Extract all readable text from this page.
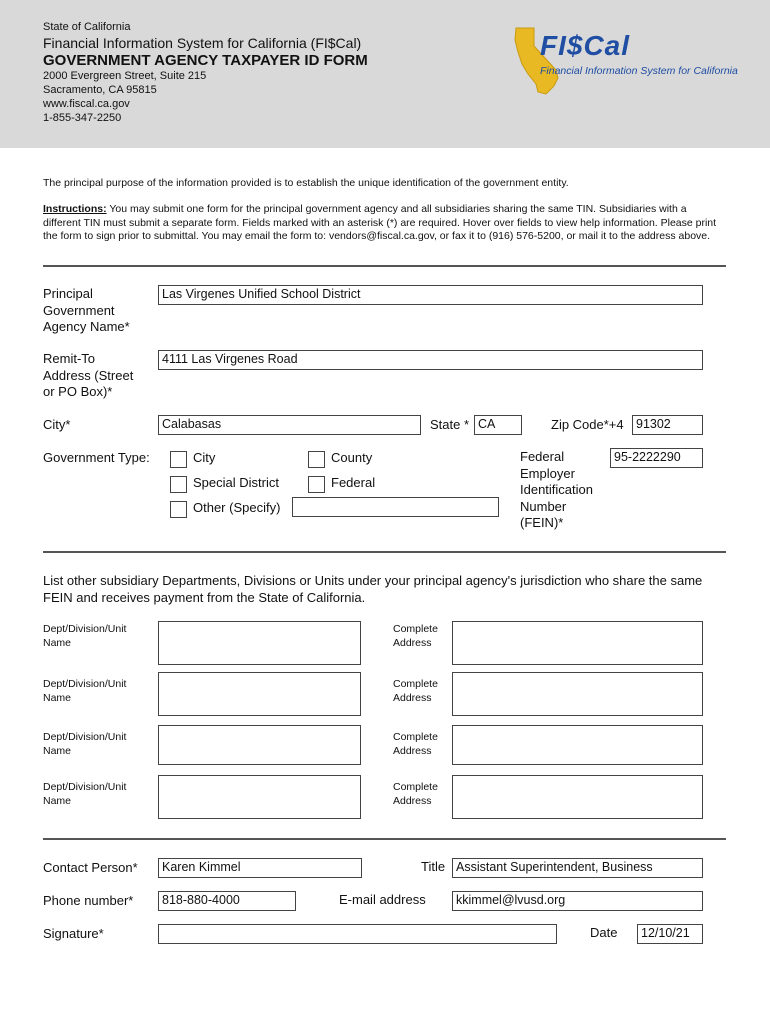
State of California
Financial Information System for California (FI$Cal)
GOVERNMENT AGENCY TAXPAYER ID FORM
2000 Evergreen Street, Suite 215
Sacramento, CA 95815
www.fiscal.ca.gov
1-855-347-2250
FI$Cal
Financial Information System for California
The principal purpose of the information provided is to establish the unique identification of the government entity.
Instructions: You may submit one form for the principal government agency and all subsidiaries sharing the same TIN. Subsidiaries with a different TIN must submit a separate form. Fields marked with an asterisk (*) are required. Hover over fields to view help information. Please print the form to sign prior to submittal. You may email the form to: vendors@fiscal.ca.gov, or fax it to (916) 576-5200, or mail it to the address above.
Principal
Government
Agency Name*
Las Virgenes Unified School District
Remit-To
Address (Street
or PO Box)*
4111 Las Virgenes Road
City*	Calabasas	State * CA	Zip Code*+4 91302
Government Type:	City	County
Special District	Federal
Other (Specify)
Federal
Employer
Identification
Number
(FEIN)*
95-2222290
List other subsidiary Departments, Divisions or Units under your principal agency's jurisdiction who share the same FEIN and receives payment from the State of California.
Dept/Division/Unit
Name
Complete
Address
Dept/Division/Unit
Name
Complete
Address
Dept/Division/Unit
Name
Complete
Address
Dept/Division/Unit
Name
Complete
Address
Contact Person*	Karen Kimmel	Title Assistant Superintendent, Business
Phone number*	818-880-4000	E-mail address	kkimmel@lvusd.org
Signature*	Date	12/10/21
